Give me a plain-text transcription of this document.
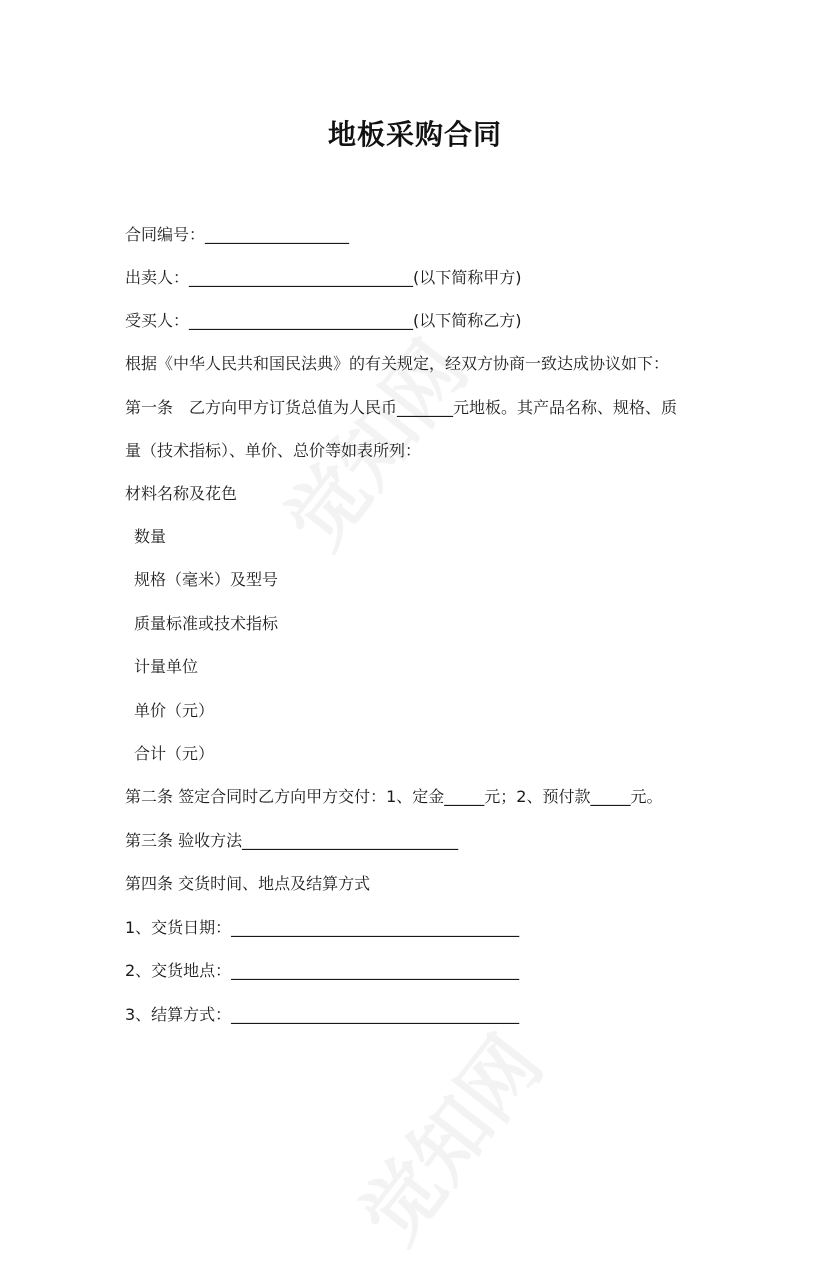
地板采购合同
合同编号：__________________
出卖人：____________________________(以下简称甲方)
受买人：____________________________(以下简称乙方)
根据《中华人民共和国民法典》的有关规定，经双方协商一致达成协议如下：
第一条　乙方向甲方订货总值为人民币_______元地板。其产品名称、规格、质
量（技术指标）、单价、总价等如表所列：
材料名称及花色
数量
规格（毫米）及型号
质量标准或技术指标
计量单位
单价（元）
合计（元）
第二条 签定合同时乙方向甲方交付：1、定金_____元；2、预付款_____元。
第三条 验收方法___________________________
第四条 交货时间、地点及结算方式
1、交货日期：____________________________________
2、交货地点：____________________________________
3、结算方式：____________________________________
